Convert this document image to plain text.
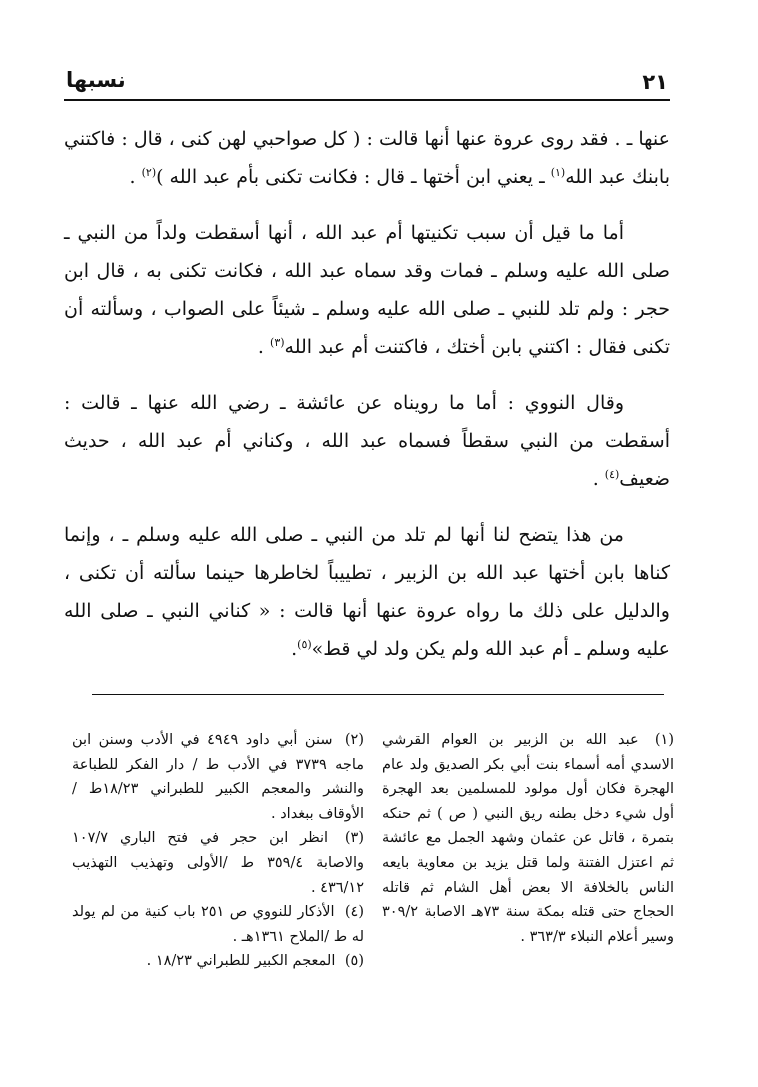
٢١
نسبها

عنها ـ . فقد روى عروة عنها أنها قالت : ( كل صواحبي لهن كنى ، قال : فاكتني بابنك عبد الله$^{(١)}$ ـ يعني ابن أختها ـ قال : فكانت تكنى بأم عبد الله )$^{(٢)}$ .

أما ما قيل أن سبب تكنيتها أم عبد الله ، أنها أسقطت ولداً من النبي ـ صلى الله عليه وسلم ـ فمات وقد سماه عبد الله ، فكانت تكنى به ، قال ابن حجر : ولم تلد للنبي ـ صلى الله عليه وسلم ـ شيئاً على الصواب ، وسألته أن تكنى فقال : اكتني بابن أختك ، فاكتنت أم عبد الله$^{(٣)}$ .

وقال النووي : أما ما رويناه عن عائشة ـ رضي الله عنها ـ قالت : أسقطت من النبي سقطاً فسماه عبد الله ، وكناني أم عبد الله ، حديث ضعيف$^{(٤)}$ .

من هذا يتضح لنا أنها لم تلد من النبي ـ صلى الله عليه وسلم ـ ، وإنما كناها بابن أختها عبد الله بن الزبير ، تطييباً لخاطرها حينما سألته أن تكنى ، والدليل على ذلك ما رواه عروة عنها أنها قالت : « كناني النبي ـ صلى الله عليه وسلم ـ أم عبد الله ولم يكن ولد لي قط»$^{(٥)}$.

(١) عبد الله بن الزبير بن العوام القرشي الاسدي أمه أسماء بنت أبي بكر الصديق ولد عام الهجرة فكان أول مولود للمسلمين بعد الهجرة أول شيء دخل بطنه ريق النبي ( ص ) ثم حنكه بتمرة ، قاتل عن عثمان وشهد الجمل مع عائشة ثم اعتزل الفتنة ولما قتل يزيد بن معاوية بايعه الناس بالخلافة الا بعض أهل الشام ثم قاتله الحجاج حتى قتله بمكة سنة ٧٣هـ الاصابة ٣٠٩/٢ وسير أعلام النبلاء ٣٦٣/٣ .

(٢) سنن أبي داود ٤٩٤٩ في الأدب وسنن ابن ماجه ٣٧٣٩ في الأدب ط / دار الفكر للطباعة والنشر والمعجم الكبير للطبراني ١٨/٢٣ط / الأوقاف ببغداد .

(٣) انظر ابن حجر في فتح الباري ١٠٧/٧ والاصابة ٣٥٩/٤ ط /الأولى وتهذيب التهذيب ٤٣٦/١٢ .

(٤) الأذكار للنووي ص ٢٥١ باب كنية من لم يولد له ط /الملاح ١٣٦١هـ .

(٥) المعجم الكبير للطبراني ١٨/٢٣ .
